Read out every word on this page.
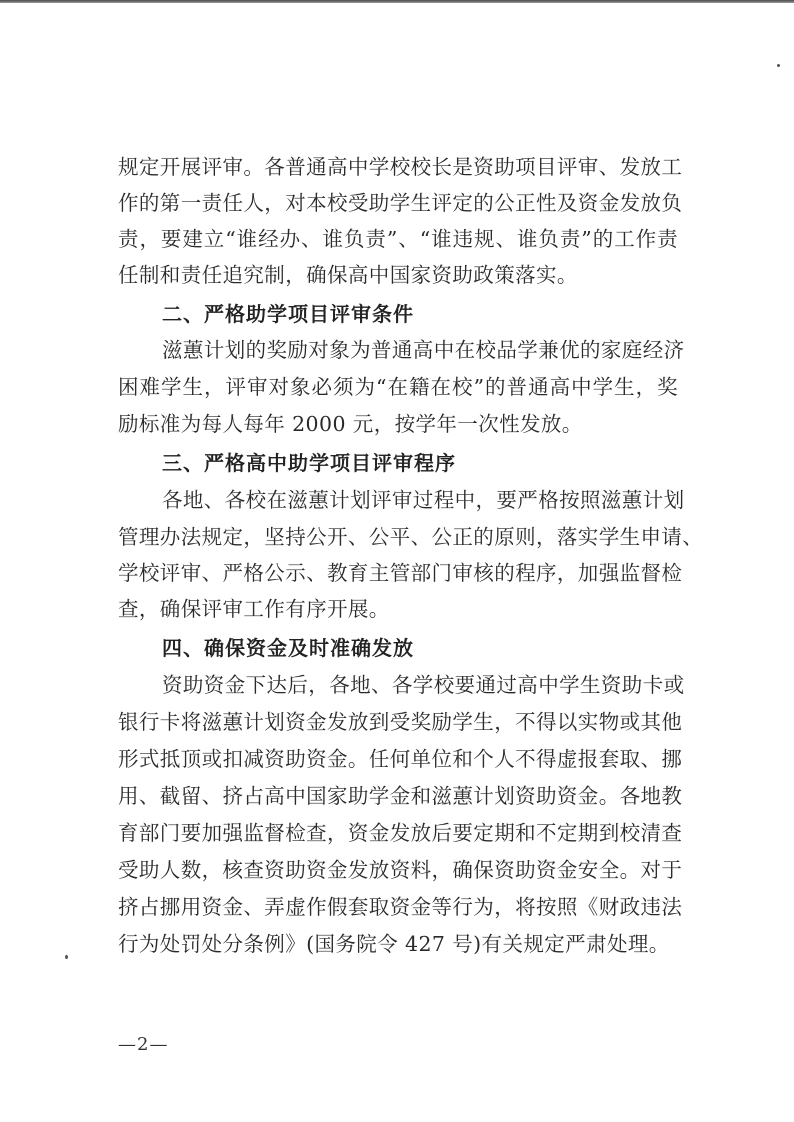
规定开展评审。各普通高中学校校长是资助项目评审、发放工
作的第一责任人，对本校受助学生评定的公正性及资金发放负
责，要建立“谁经办、谁负责”、“谁违规、谁负责”的工作责
任制和责任追究制，确保高中国家资助政策落实。
二、严格助学项目评审条件
滋蕙计划的奖励对象为普通高中在校品学兼优的家庭经济
困难学生，评审对象必须为“在籍在校”的普通高中学生，奖
励标准为每人每年 2000 元，按学年一次性发放。
三、严格高中助学项目评审程序
各地、各校在滋蕙计划评审过程中，要严格按照滋蕙计划
管理办法规定，坚持公开、公平、公正的原则，落实学生申请、
学校评审、严格公示、教育主管部门审核的程序，加强监督检
查，确保评审工作有序开展。
四、确保资金及时准确发放
资助资金下达后，各地、各学校要通过高中学生资助卡或
银行卡将滋蕙计划资金发放到受奖励学生，不得以实物或其他
形式抵顶或扣减资助资金。任何单位和个人不得虚报套取、挪
用、截留、挤占高中国家助学金和滋蕙计划资助资金。各地教
育部门要加强监督检查，资金发放后要定期和不定期到校清查
受助人数，核查资助资金发放资料，确保资助资金安全。对于
挤占挪用资金、弄虚作假套取资金等行为，将按照《财政违法
行为处罚处分条例》(国务院令 427 号)有关规定严肃处理。
—2—
